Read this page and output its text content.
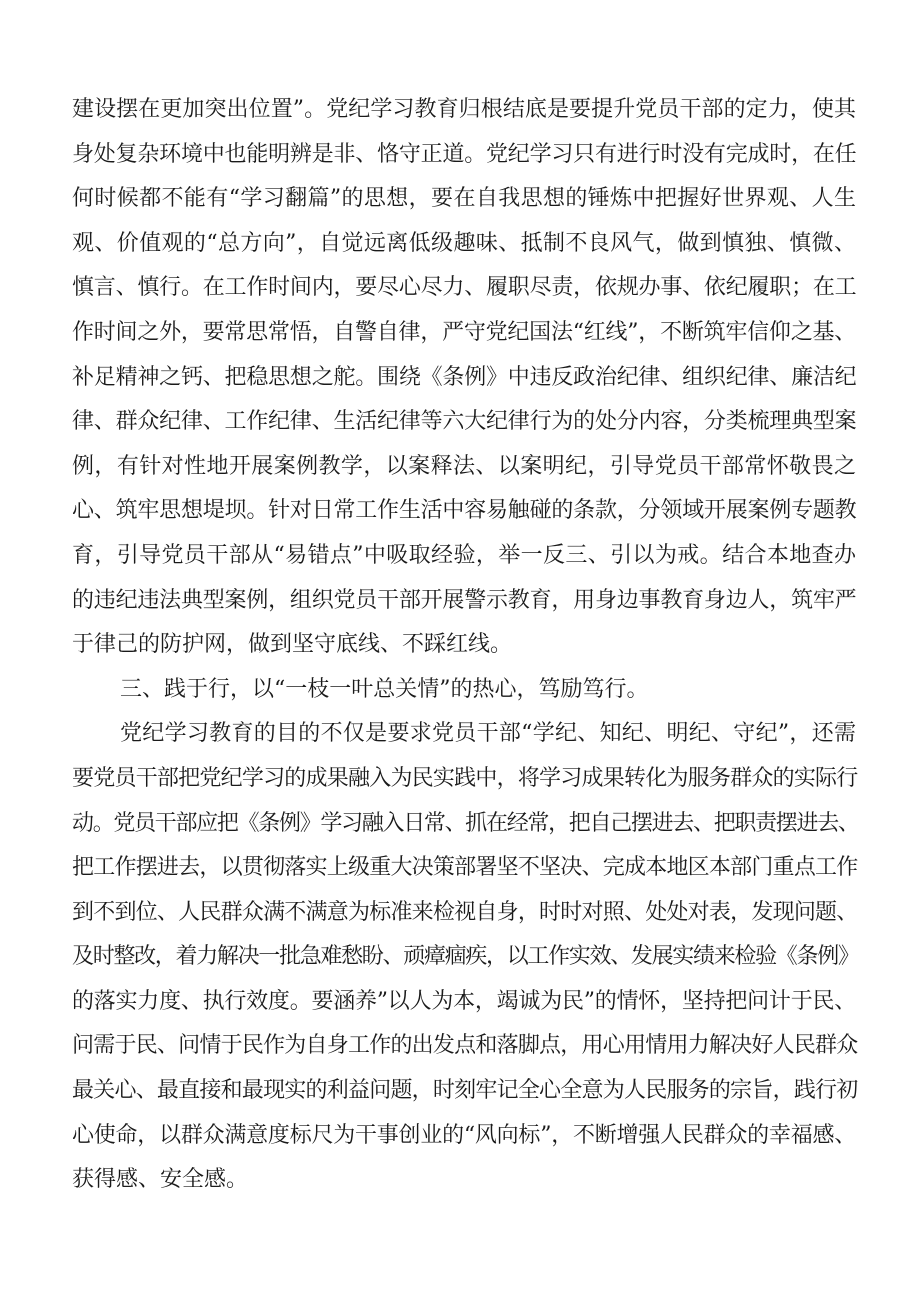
建设摆在更加突出位置”。党纪学习教育归根结底是要提升党员干部的定力，使其
身处复杂环境中也能明辨是非、恪守正道。党纪学习只有进行时没有完成时，在任
何时候都不能有“学习翻篇”的思想，要在自我思想的锤炼中把握好世界观、人生
观、价值观的“总方向”，自觉远离低级趣味、抵制不良风气，做到慎独、慎微、
慎言、慎行。在工作时间内，要尽心尽力、履职尽责，依规办事、依纪履职；在工
作时间之外，要常思常悟，自警自律，严守党纪国法“红线”，不断筑牢信仰之基、
补足精神之钙、把稳思想之舵。围绕《条例》中违反政治纪律、组织纪律、廉洁纪
律、群众纪律、工作纪律、生活纪律等六大纪律行为的处分内容，分类梳理典型案
例，有针对性地开展案例教学，以案释法、以案明纪，引导党员干部常怀敬畏之
心、筑牢思想堤坝。针对日常工作生活中容易触碰的条款，分领域开展案例专题教
育，引导党员干部从“易错点”中吸取经验，举一反三、引以为戒。结合本地查办
的违纪违法典型案例，组织党员干部开展警示教育，用身边事教育身边人，筑牢严
于律己的防护网，做到坚守底线、不踩红线。
三、践于行，以“一枝一叶总关情”的热心，笃励笃行。
党纪学习教育的目的不仅是要求党员干部“学纪、知纪、明纪、守纪”，还需
要党员干部把党纪学习的成果融入为民实践中，将学习成果转化为服务群众的实际行
动。党员干部应把《条例》学习融入日常、抓在经常，把自己摆进去、把职责摆进去、
把工作摆进去，以贯彻落实上级重大决策部署坚不坚决、完成本地区本部门重点工作
到不到位、人民群众满不满意为标准来检视自身，时时对照、处处对表，发现问题、
及时整改，着力解决一批急难愁盼、顽瘴痼疾，以工作实效、发展实绩来检验《条例》
的落实力度、执行效度。要涵养”以人为本，竭诚为民”的情怀，坚持把问计于民、
问需于民、问情于民作为自身工作的出发点和落脚点，用心用情用力解决好人民群众
最关心、最直接和最现实的利益问题，时刻牢记全心全意为人民服务的宗旨，践行初
心使命，以群众满意度标尺为干事创业的“风向标”，不断增强人民群众的幸福感、
获得感、安全感。
